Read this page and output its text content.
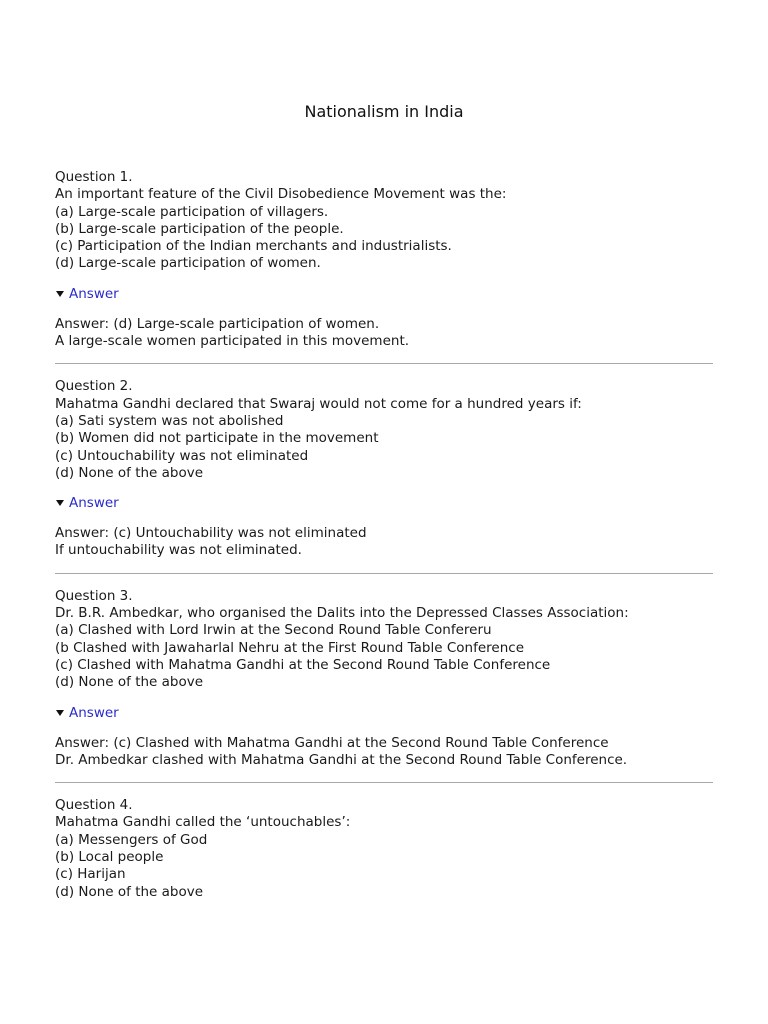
Nationalism in India
Question 1.
An important feature of the Civil Disobedience Movement was the:
(a) Large-scale participation of villagers.
(b) Large-scale participation of the people.
(c) Participation of the Indian merchants and industrialists.
(d) Large-scale participation of women.
Answer
Answer: (d) Large-scale participation of women.
A large-scale women participated in this movement.
Question 2.
Mahatma Gandhi declared that Swaraj would not come for a hundred years if:
(a) Sati system was not abolished
(b) Women did not participate in the movement
(c) Untouchability was not eliminated
(d) None of the above
Answer
Answer: (c) Untouchability was not eliminated
If untouchability was not eliminated.
Question 3.
Dr. B.R. Ambedkar, who organised the Dalits into the Depressed Classes Association:
(a) Clashed with Lord Irwin at the Second Round Table Confereru
(b Clashed with Jawaharlal Nehru at the First Round Table Conference
(c) Clashed with Mahatma Gandhi at the Second Round Table Conference
(d) None of the above
Answer
Answer: (c) Clashed with Mahatma Gandhi at the Second Round Table Conference
Dr. Ambedkar clashed with Mahatma Gandhi at the Second Round Table Conference.
Question 4.
Mahatma Gandhi called the ‘untouchables’:
(a) Messengers of God
(b) Local people
(c) Harijan
(d) None of the above
